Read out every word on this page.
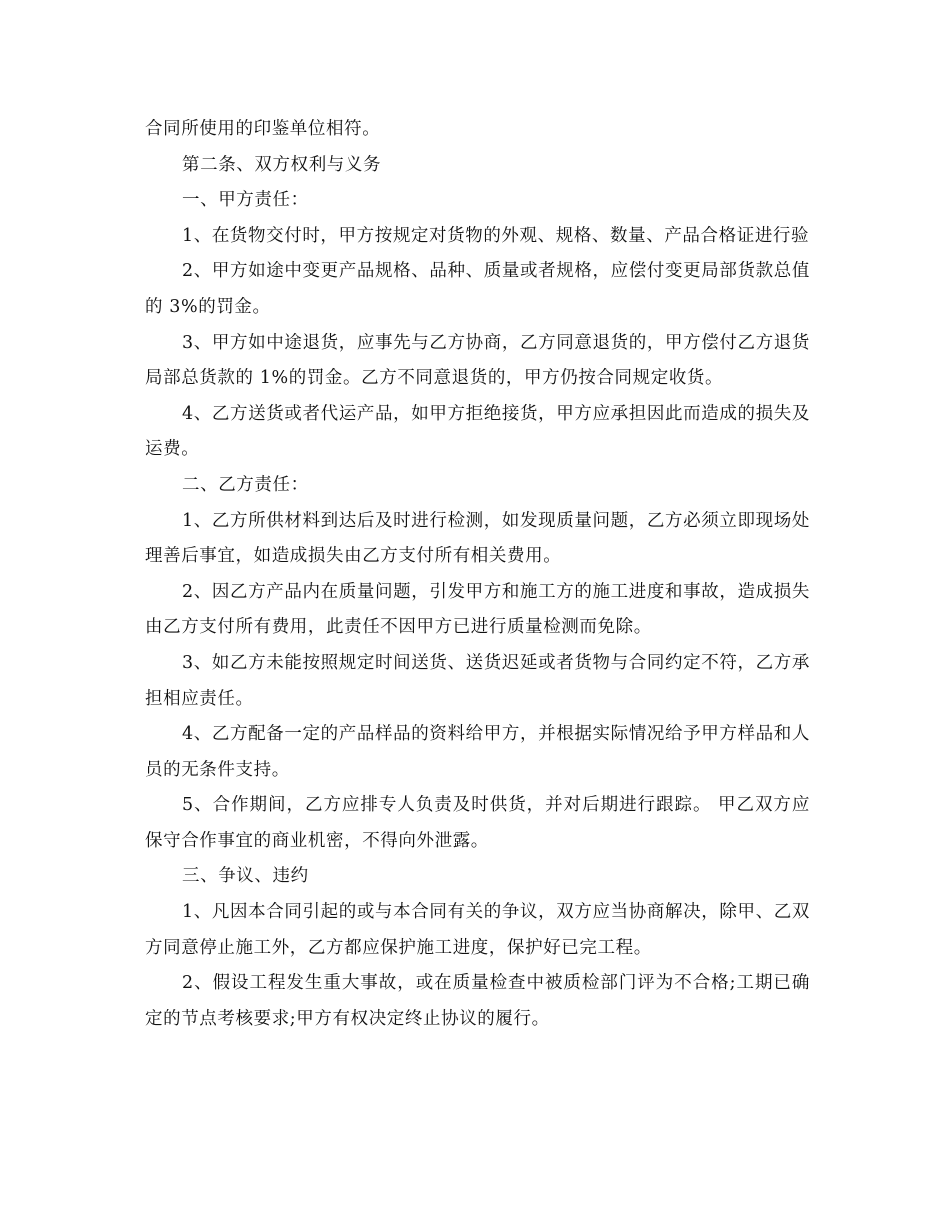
合同所使用的印鉴单位相符。

第二条、双方权利与义务

一、甲方责任：

1、在货物交付时，甲方按规定对货物的外观、规格、数量、产品合格证进行验

2、甲方如途中变更产品规格、品种、质量或者规格，应偿付变更局部货款总值的 3%的罚金。

3、甲方如中途退货，应事先与乙方协商，乙方同意退货的，甲方偿付乙方退货局部总货款的 1%的罚金。乙方不同意退货的，甲方仍按合同规定收货。

4、乙方送货或者代运产品，如甲方拒绝接货，甲方应承担因此而造成的损失及运费。

二、乙方责任：

1、乙方所供材料到达后及时进行检测，如发现质量问题，乙方必须立即现场处理善后事宜，如造成损失由乙方支付所有相关费用。

2、因乙方产品内在质量问题，引发甲方和施工方的施工进度和事故，造成损失由乙方支付所有费用，此责任不因甲方已进行质量检测而免除。

3、如乙方未能按照规定时间送货、送货迟延或者货物与合同约定不符，乙方承担相应责任。

4、乙方配备一定的产品样品的资料给甲方，并根据实际情况给予甲方样品和人员的无条件支持。

5、合作期间，乙方应排专人负责及时供货，并对后期进行跟踪。 甲乙双方应保守合作事宜的商业机密，不得向外泄露。

三、争议、违约

1、凡因本合同引起的或与本合同有关的争议，双方应当协商解决，除甲、乙双方同意停止施工外，乙方都应保护施工进度，保护好已完工程。

2、假设工程发生重大事故，或在质量检查中被质检部门评为不合格;工期已确定的节点考核要求;甲方有权决定终止协议的履行。
